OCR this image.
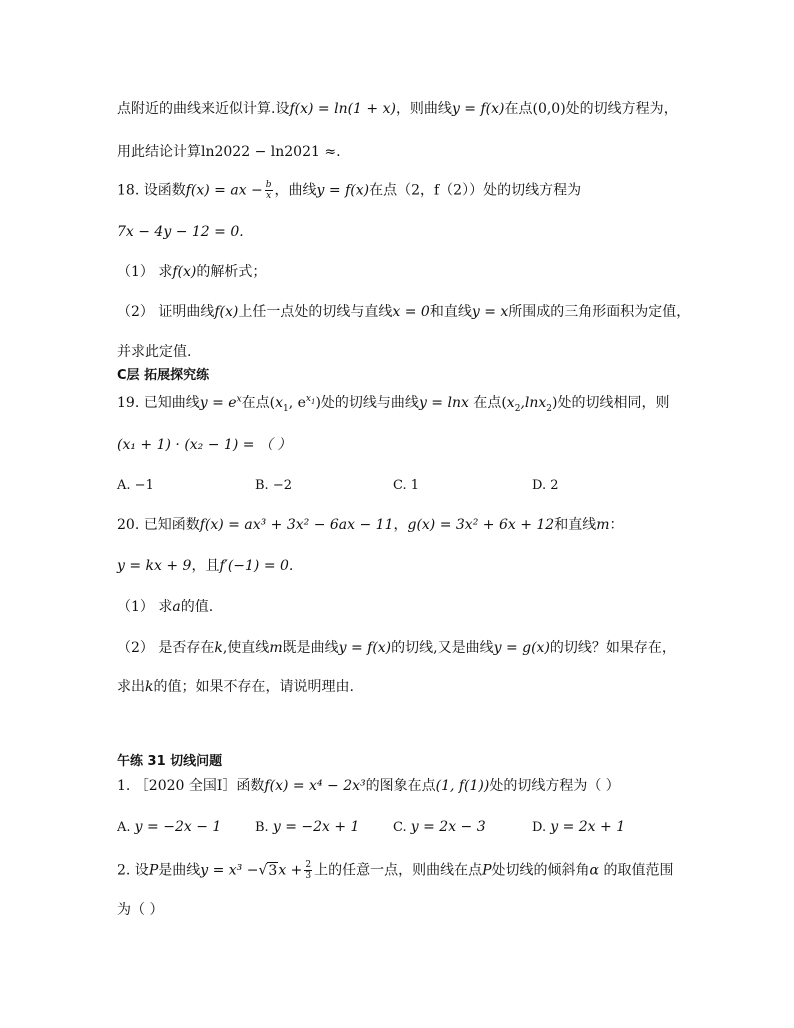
点附近的曲线来近似计算.设f(x) = ln(1 + x)，则曲线y = f(x)在点(0,0)处的切线方程为，
用此结论计算ln2022 − ln2021 ≈.
18. 设函数f(x) = ax − $\frac{b}{x}$ ，曲线y = f(x)在点（2，f（2））处的切线方程为
7x − 4y − 12 = 0.
（1） 求f(x)的解析式；
（2） 证明曲线f(x)上任一点处的切线与直线x = 0和直线y = x所围成的三角形面积为定值，
并求此定值.
C层 拓展探究练
19. 已知曲线$y = e^x$在点($x_1$, $e^{x_1}$)处的切线与曲线y = lnx 在点$(x_2,\ln x_2)$处的切线相同，则
(x₁ + 1) · (x₂ − 1) = （ ）
A. −1	B. −2	C. 1	D. 2
20. 已知函数f(x) = ax³ + 3x² − 6ax − 11，g(x) = 3x² + 6x + 12和直线m：
y = kx + 9，且f′(−1) = 0.
（1） 求a的值.
（2） 是否存在k,使直线m既是曲线y = f(x)的切线,又是曲线y = g(x)的切线？如果存在，
求出k的值；如果不存在，请说明理由.
午练 31 切线问题
1. ［2020 全国Ⅰ］函数f(x) = x⁴ − 2x³的图象在点(1, f(1))处的切线方程为（ ）
A. y = −2x − 1	B. y = −2x + 1	C. y = 2x − 3	D. y = 2x + 1
2. 设P是曲线$y = x^3 -√3x + \frac{2}{3}$ 上的任意一点，则曲线在点P处切线的倾斜角α 的取值范围
为（ ）
